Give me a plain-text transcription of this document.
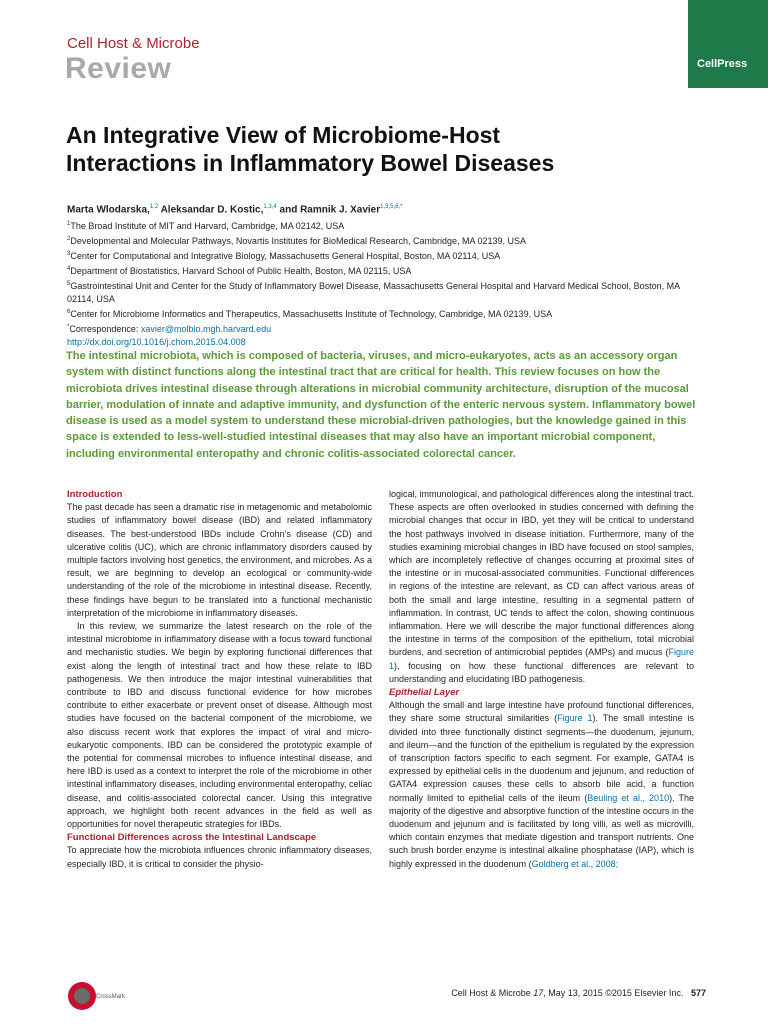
Cell Host & Microbe
Review	CellPress
An Integrative View of Microbiome-Host
Interactions in Inflammatory Bowel Diseases
Marta Wlodarska,$^{1,2}$ Aleksandar D. Kostic,$^{1,3,4}$ and Ramnik J. Xavier$^{1,3,5,6,*}$
$^1$The Broad Institute of MIT and Harvard, Cambridge, MA 02142, USA
$^2$Developmental and Molecular Pathways, Novartis Institutes for BioMedical Research, Cambridge, MA 02139, USA
$^3$Center for Computational and Integrative Biology, Massachusetts General Hospital, Boston, MA 02114, USA
$^4$Department of Biostatistics, Harvard School of Public Health, Boston, MA 02115, USA
$^5$Gastrointestinal Unit and Center for the Study of Inflammatory Bowel Disease, Massachusetts General Hospital and Harvard Medical School, Boston, MA 02114, USA
$^6$Center for Microbiome Informatics and Therapeutics, Massachusetts Institute of Technology, Cambridge, MA 02139, USA
*Correspondence: xavier@molbio.mgh.harvard.edu
http://dx.doi.org/10.1016/j.chom.2015.04.008
The intestinal microbiota, which is composed of bacteria, viruses, and micro-eukaryotes, acts as an accessory organ system with distinct functions along the intestinal tract that are critical for health. This review focuses on how the microbiota drives intestinal disease through alterations in microbial community architecture, disruption of the mucosal barrier, modulation of innate and adaptive immunity, and dysfunction of the enteric nervous system. Inflammatory bowel disease is used as a model system to understand these microbial-driven pathologies, but the knowledge gained in this space is extended to less-well-studied intestinal diseases that may also have an important microbial component, including environmental enteropathy and chronic colitis-associated colorectal cancer.

Introduction

The past decade has seen a dramatic rise in metagenomic and metabolomic studies of inflammatory bowel disease (IBD) and related inflammatory diseases. The best-understood IBDs include Crohn’s disease (CD) and ulcerative colitis (UC), which are chronic inflammatory disorders caused by multiple factors involving host genetics, the environment, and microbes. As a result, we are beginning to develop an ecological or community-wide understanding of the role of the microbiome in intestinal disease. Recently, these findings have begun to be translated into a functional mechanistic interpretation of the microbiome in inflammatory diseases.

In this review, we summarize the latest research on the role of the intestinal microbiome in inflammatory disease with a focus toward functional and mechanistic studies. We begin by exploring functional differences that exist along the length of intestinal tract and how these relate to IBD pathogenesis. We then introduce the major intestinal vulnerabilities that contribute to IBD and discuss functional evidence for how microbes contribute to either exacerbate or prevent onset of disease. Although most studies have focused on the bacterial component of the microbiome, we also discuss recent work that explores the impact of viral and micro-eukaryotic components. IBD can be considered the prototypic example of the potential for commensal microbes to influence intestinal disease, and here IBD is used as a context to interpret the role of the microbiome in other intestinal inflammatory diseases, including environmental enteropathy, celiac disease, and colitis-associated colorectal cancer. Using this integrative approach, we highlight both recent advances in the field as well as opportunities for novel therapeutic strategies for IBDs.

Functional Differences across the Intestinal Landscape

To appreciate how the microbiota influences chronic inflammatory diseases, especially IBD, it is critical to consider the physio-

logical, immunological, and pathological differences along the intestinal tract. These aspects are often overlooked in studies concerned with defining the microbial changes that occur in IBD, yet they will be critical to understand the host pathways involved in disease initiation. Furthermore, many of the studies examining microbial changes in IBD have focused on stool samples, which are incompletely reflective of changes occurring at proximal sites of the intestine or in mucosal-associated communities. Functional differences in regions of the intestine are relevant, as CD can affect various areas of both the small and large intestine, resulting in a segmental pattern of inflammation. In contrast, UC tends to affect the colon, showing continuous inflammation. Here we will describe the major functional differences along the intestine in terms of the composition of the epithelium, total microbial burdens, and secretion of antimicrobial peptides (AMPs) and mucus (Figure 1), focusing on how these functional differences are relevant to understanding and elucidating IBD pathogenesis.

Epithelial Layer

Although the small and large intestine have profound functional differences, they share some structural similarities (Figure 1). The small intestine is divided into three functionally distinct segments—the duodenum, jejunum, and ileum—and the function of the epithelium is regulated by the expression of transcription factors specific to each segment. For example, GATA4 is expressed by epithelial cells in the duodenum and jejunum, and reduction of GATA4 expression causes these cells to absorb bile acid, a function normally limited to epithelial cells of the ileum (Beuling et al., 2010). The majority of the digestive and absorptive function of the intestine occurs in the duodenum and jejunum and is facilitated by long villi, as well as microvilli, which contain enzymes that mediate digestion and transport nutrients. One such brush border enzyme is intestinal alkaline phosphatase (IAP), which is highly expressed in the duodenum (Goldberg et al., 2008;

CrossMark	Cell Host & Microbe 17, May 13, 2015 ©2015 Elsevier Inc. 577
